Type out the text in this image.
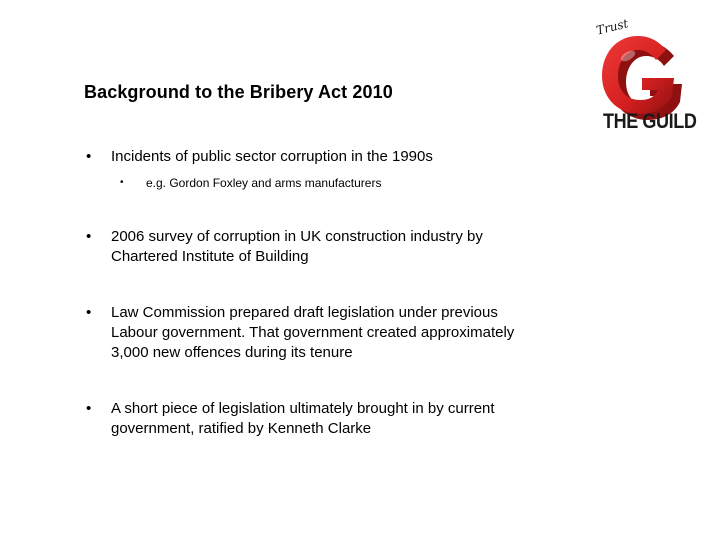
Background to the Bribery Act 2010
• Incidents of public sector corruption in the 1990s
• e.g. Gordon Foxley and arms manufacturers
• 2006 survey of corruption in UK construction industry by
Chartered Institute of Building
• Law Commission prepared draft legislation under previous
Labour government. That government created approximately
3,000 new offences during its tenure
• A short piece of legislation ultimately brought in by current
government, ratified by Kenneth Clarke
Trust
THE GUILD
